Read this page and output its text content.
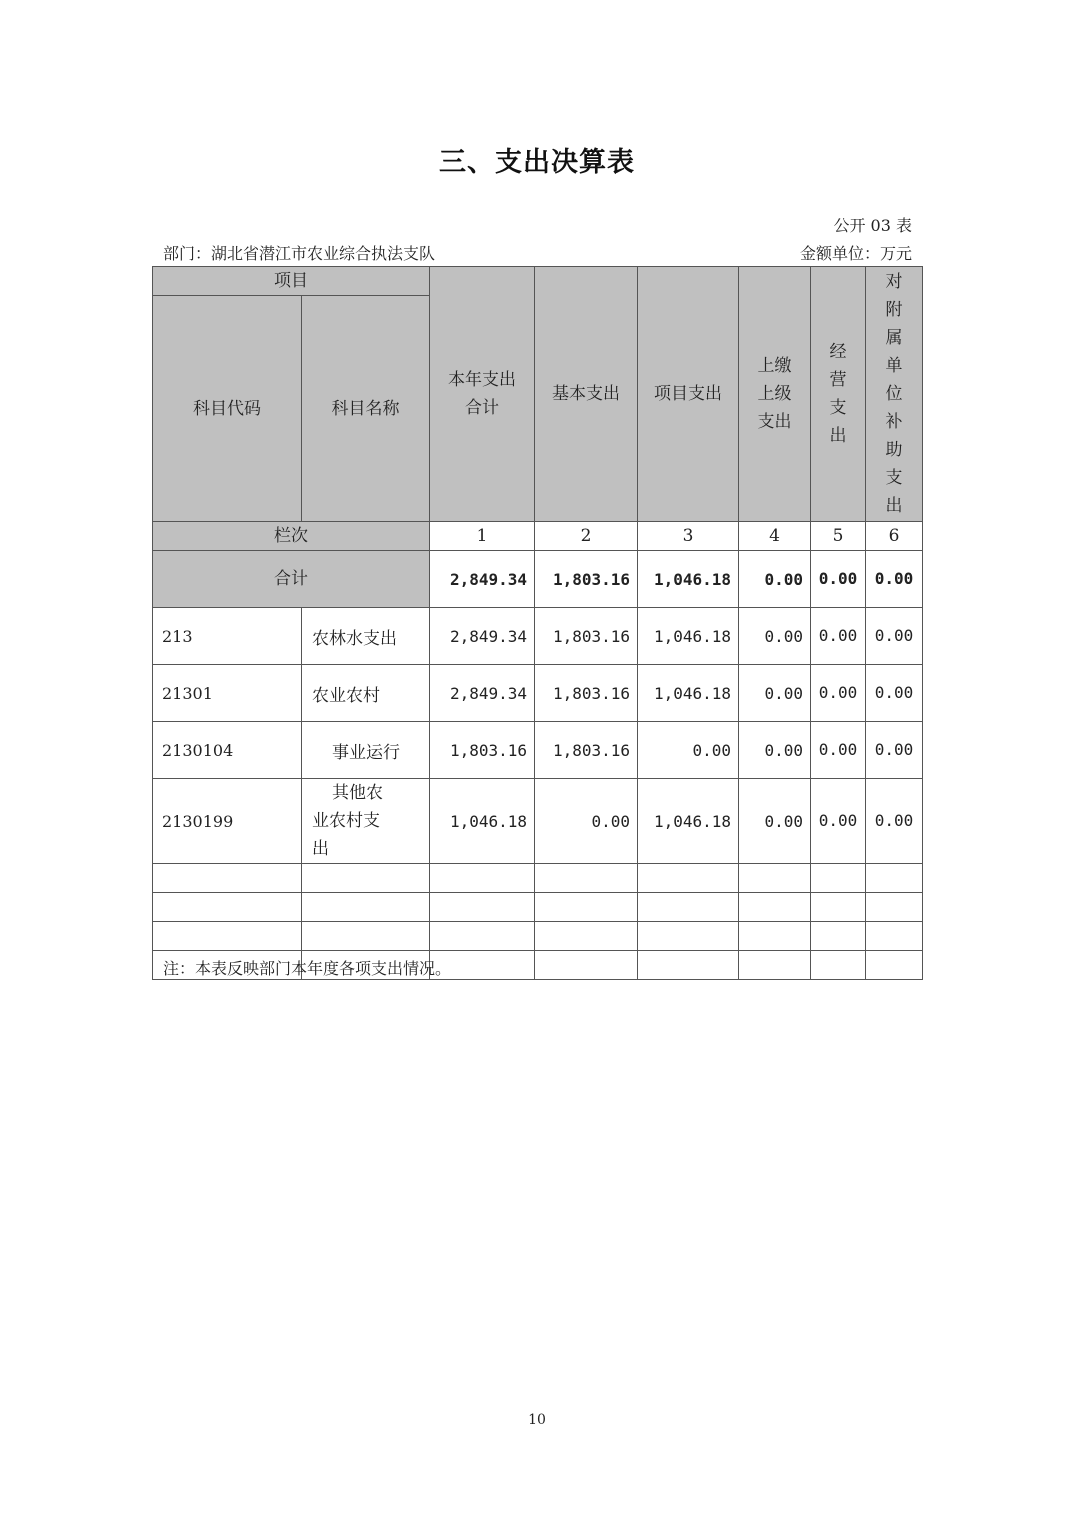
三、支出决算表
公开 03 表
部门：湖北省潜江市农业综合执法支队	金额单位：万元
项目		本年支出合计	基本支出	项目支出	上缴上级支出	经营支出	对附属单位补助支出

科目代码	科目名称						
栏次		1	2	3	4	5	6
合计		2,849.34	1,803.16	1,046.18	0.00	0.00	0.00

213	农林水支出	2,849.34	1,803.16	1,046.18	0.00	0.00	0.00

21301	农业农村	2,849.34	1,803.16	1,046.18	0.00	0.00	0.00

2130104	事业运行	1,803.16	1,803.16	0.00	0.00	0.00	0.00

2130199	其他农业农村支出	1,046.18	0.00	1,046.18	0.00	0.00	0.00

注：本表反映部门本年度各项支出情况。
10
